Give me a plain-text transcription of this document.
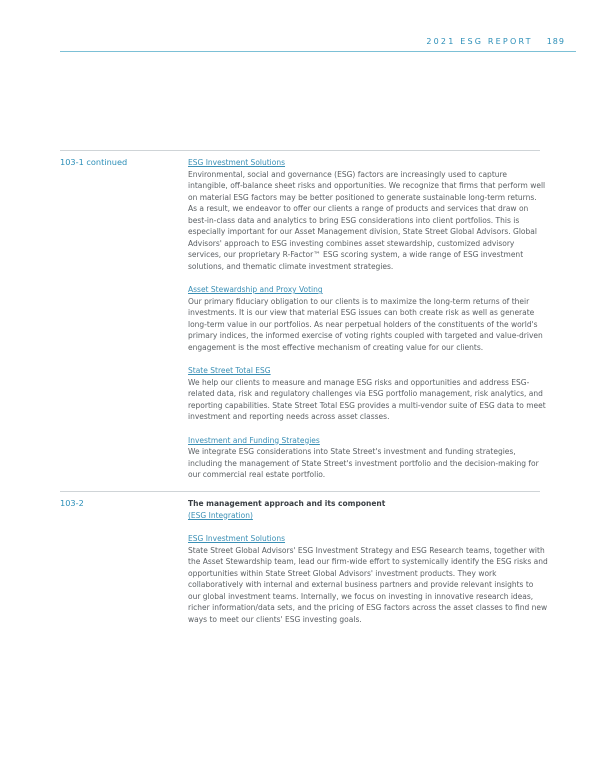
2021 ESG REPORT 189
103-1 continued	ESG Investment Solutions
Environmental, social and governance (ESG) factors are increasingly used to capture intangible, off-balance sheet risks and opportunities. We recognize that firms that perform well on material ESG factors may be better positioned to generate sustainable long-term returns. As a result, we endeavor to offer our clients a range of products and services that draw on best-in-class data and analytics to bring ESG considerations into client portfolios. This is especially important for our Asset Management division, State Street Global Advisors. Global Advisors' approach to ESG investing combines asset stewardship, customized advisory services, our proprietary R-Factor™ ESG scoring system, a wide range of ESG investment solutions, and thematic climate investment strategies.
Asset Stewardship and Proxy Voting
Our primary fiduciary obligation to our clients is to maximize the long-term returns of their investments. It is our view that material ESG issues can both create risk as well as generate long-term value in our portfolios. As near perpetual holders of the constituents of the world's primary indices, the informed exercise of voting rights coupled with targeted and value-driven engagement is the most effective mechanism of creating value for our clients.
State Street Total ESG
We help our clients to measure and manage ESG risks and opportunities and address ESG-related data, risk and regulatory challenges via ESG portfolio management, risk analytics, and reporting capabilities. State Street Total ESG provides a multi-vendor suite of ESG data to meet investment and reporting needs across asset classes.
Investment and Funding Strategies
We integrate ESG considerations into State Street's investment and funding strategies, including the management of State Street's investment portfolio and the decision-making for our commercial real estate portfolio.
103-2	The management approach and its component
(ESG Integration)
ESG Investment Solutions
State Street Global Advisors' ESG Investment Strategy and ESG Research teams, together with the Asset Stewardship team, lead our firm-wide effort to systemically identify the ESG risks and opportunities within State Street Global Advisors' investment products. They work collaboratively with internal and external business partners and provide relevant insights to our global investment teams. Internally, we focus on investing in innovative research ideas, richer information/data sets, and the pricing of ESG factors across the asset classes to find new ways to meet our clients' ESG investing goals.
